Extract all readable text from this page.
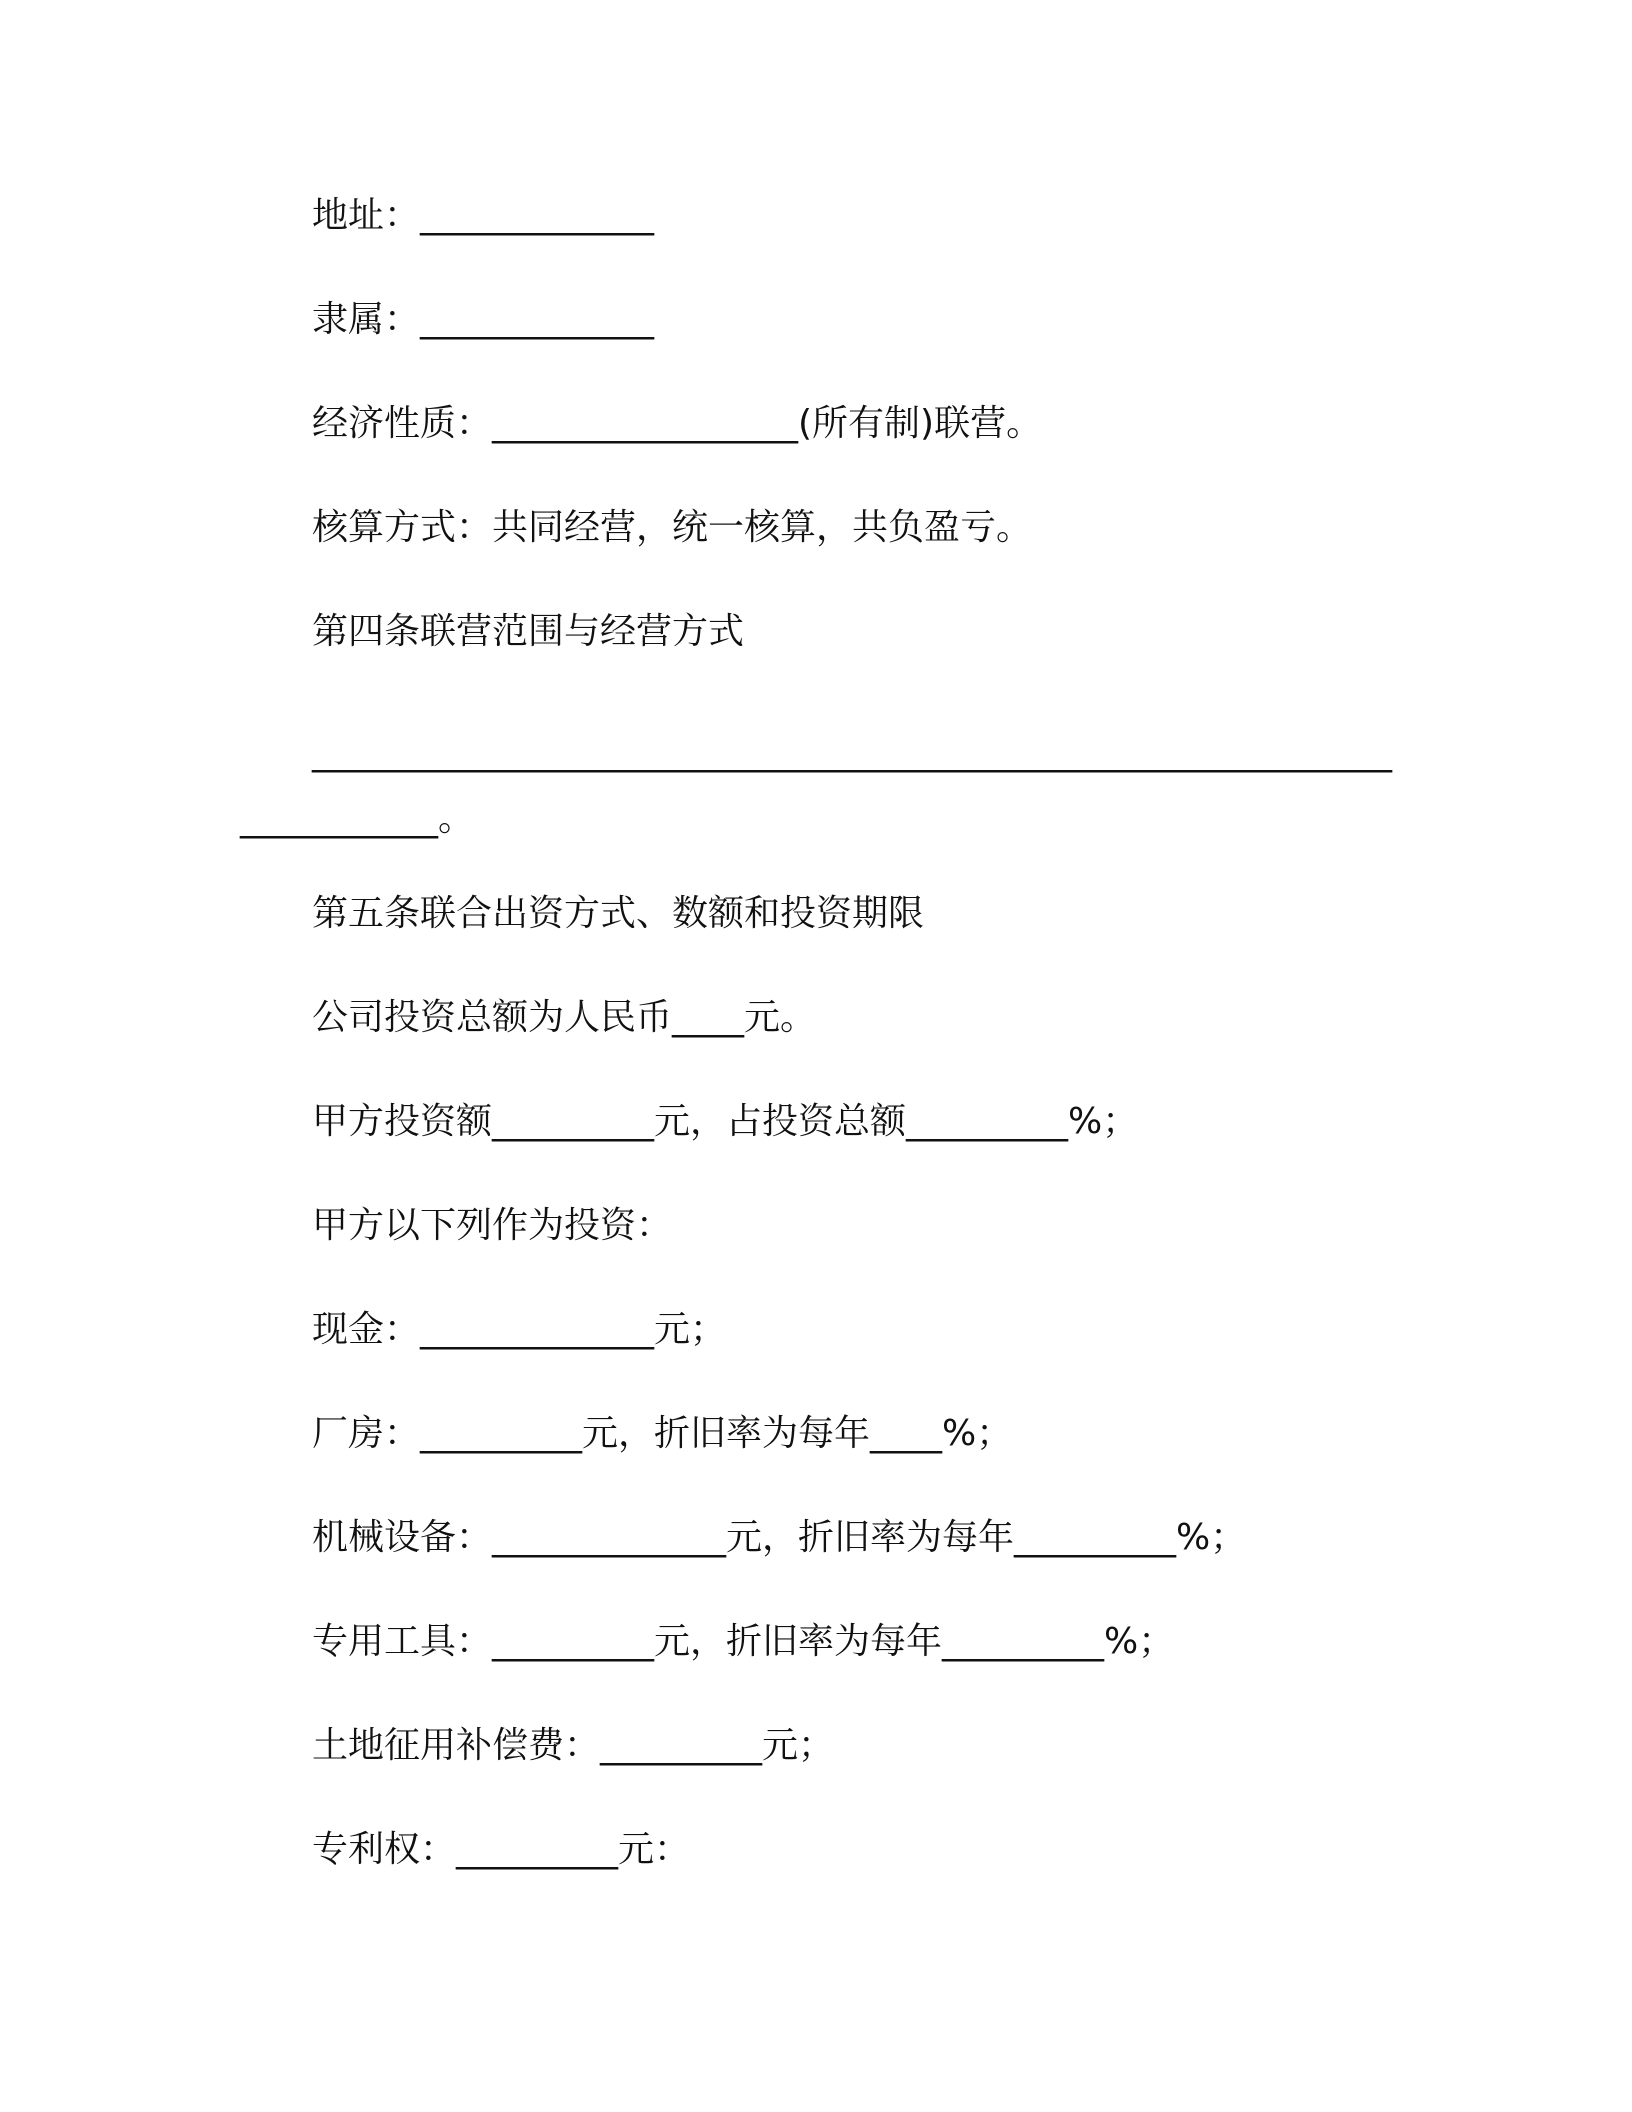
地址：_____________
隶属：_____________
经济性质：_________________(所有制)联营。
核算方式：共同经营，统一核算，共负盈亏。
第四条联营范围与经营方式
____________________________________________________________
___________。
第五条联合出资方式、数额和投资期限
公司投资总额为人民币____元。
甲方投资额_________元，占投资总额_________%；
甲方以下列作为投资：
现金：_____________元；
厂房：_________元，折旧率为每年____%；
机械设备：_____________元，折旧率为每年_________%；
专用工具：_________元，折旧率为每年_________%；
土地征用补偿费：_________元；
专利权：_________元：
